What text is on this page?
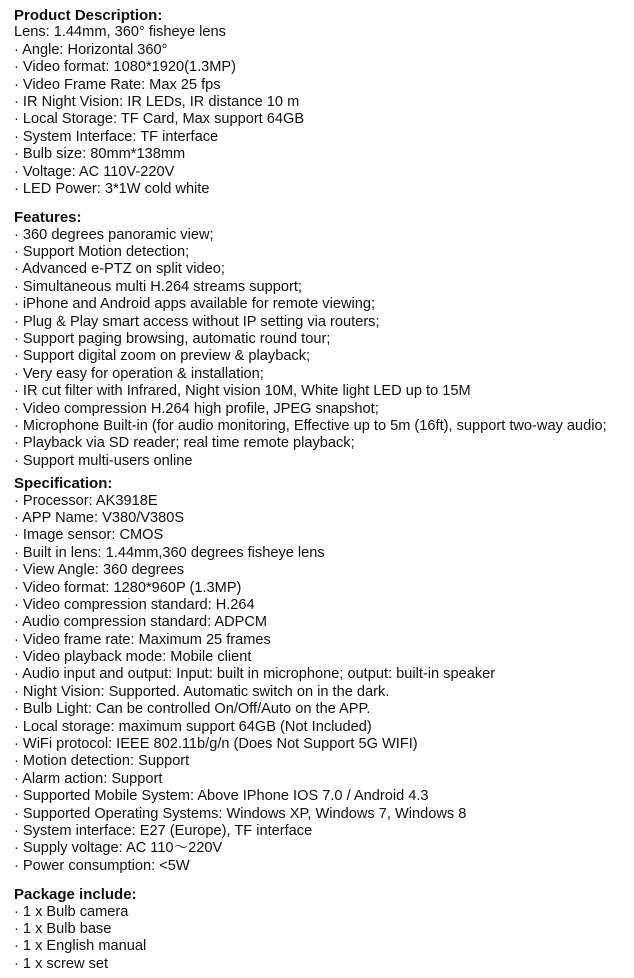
Product Description:
Lens: 1.44mm, 360° fisheye lens
· Angle: Horizontal 360°
· Video format: 1080*1920(1.3MP)
· Video Frame Rate: Max 25 fps
· IR Night Vision: IR LEDs, IR distance 10 m
· Local Storage: TF Card, Max support 64GB
· System Interface: TF interface
· Bulb size: 80mm*138mm
· Voltage: AC 110V-220V
· LED Power: 3*1W cold white
Features:
· 360 degrees panoramic view;
· Support Motion detection;
· Advanced e-PTZ on split video;
· Simultaneous multi H.264 streams support;
· iPhone and Android apps available for remote viewing;
· Plug & Play smart access without IP setting via routers;
· Support paging browsing, automatic round tour;
· Support digital zoom on preview & playback;
· Very easy for operation & installation;
· IR cut filter with Infrared, Night vision 10M, White light LED up to 15M
· Video compression H.264 high profile, JPEG snapshot;
· Microphone Built-in (for audio monitoring, Effective up to 5m (16ft), support two-way audio;
· Playback via SD reader; real time remote playback;
· Support multi-users online
Specification:
· Processor: AK3918E
· APP Name: V380/V380S
· Image sensor: CMOS
· Built in lens: 1.44mm,360 degrees fisheye lens
· View Angle: 360 degrees
· Video format: 1280*960P (1.3MP)
· Video compression standard: H.264
· Audio compression standard: ADPCM
· Video frame rate: Maximum 25 frames
· Video playback mode: Mobile client
· Audio input and output: Input: built in microphone; output: built-in speaker
· Night Vision: Supported. Automatic switch on in the dark.
· Bulb Light: Can be controlled On/Off/Auto on the APP.
· Local storage: maximum support 64GB (Not Included)
· WiFi protocol: IEEE 802.11b/g/n (Does Not Support 5G WIFI)
· Motion detection: Support
· Alarm action: Support
· Supported Mobile System: Above IPhone IOS 7.0 / Android 4.3
· Supported Operating Systems: Windows XP, Windows 7, Windows 8
· System interface: E27 (Europe), TF interface
· Supply voltage: AC 110～220V
· Power consumption: <5W
Package include:
· 1 x Bulb camera
· 1 x Bulb base
· 1 x English manual
· 1 x screw set
